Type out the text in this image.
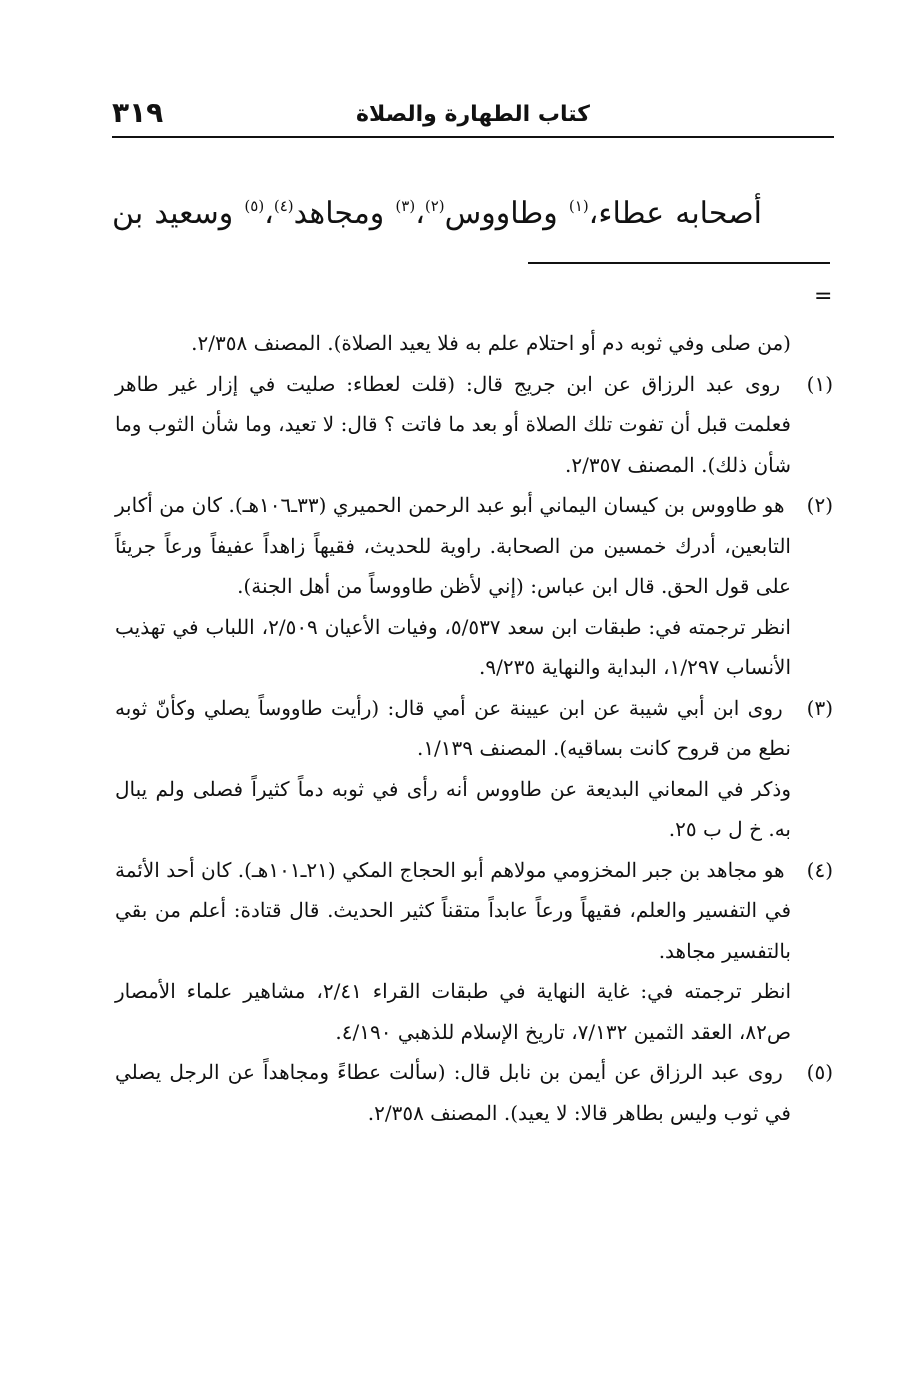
كتاب الطهارة والصلاة
٣١٩
أصحابه
عطاء،$^{(١)}$
وطاووس$^{(٢)}$،$^{(٣)}$
ومجاهد$^{(٤)}$،$^{(٥)}$
وسعيد
بن
=

(من صلى وفي ثوبه دم أو احتلام علم به فلا يعيد الصلاة). المصنف ٢/٣٥٨.

(١) روى عبد الرزاق عن ابن جريج قال: (قلت لعطاء: صليت في إزار غير طاهر فعلمت قبل أن تفوت تلك الصلاة أو بعد ما فاتت ؟ قال: لا تعيد، وما شأن الثوب وما شأن ذلك). المصنف ٢/٣٥٧.

(٢) هو طاووس بن كيسان اليماني أبو عبد الرحمن الحميري (٣٣ـ١٠٦هـ). كان من أكابر التابعين، أدرك خمسين من الصحابة. راوية للحديث، فقيهاً زاهداً عفيفاً ورعاً جريئاً على قول الحق. قال ابن عباس: (إني لأظن طاووساً من أهل الجنة).

انظر ترجمته في: طبقات ابن سعد ٥/٥٣٧، وفيات الأعيان ٢/٥٠٩، اللباب في تهذيب الأنساب ١/٢٩٧، البداية والنهاية ٩/٢٣٥.

(٣) روى ابن أبي شيبة عن ابن عيينة عن أمي قال: (رأيت طاووساً يصلي وكأنّ ثوبه نطع من قروح كانت بساقيه). المصنف ١/١٣٩.

وذكر في المعاني البديعة عن طاووس أنه رأى في ثوبه دماً كثيراً فصلى ولم يبال به. خ ل ب ٢٥.

(٤) هو مجاهد بن جبر المخزومي مولاهم أبو الحجاج المكي (٢١ـ١٠١هـ). كان أحد الأئمة في التفسير والعلم، فقيهاً ورعاً عابداً متقناً كثير الحديث. قال قتادة: أعلم من بقي بالتفسير مجاهد.

انظر ترجمته في: غاية النهاية في طبقات القراء ٢/٤١، مشاهير علماء الأمصار ص٨٢، العقد الثمين ٧/١٣٢، تاريخ الإسلام للذهبي ٤/١٩٠.

(٥) روى عبد الرزاق عن أيمن بن نابل قال: (سألت عطاءً ومجاهداً عن الرجل يصلي في ثوب وليس بطاهر قالا: لا يعيد). المصنف ٢/٣٥٨.
